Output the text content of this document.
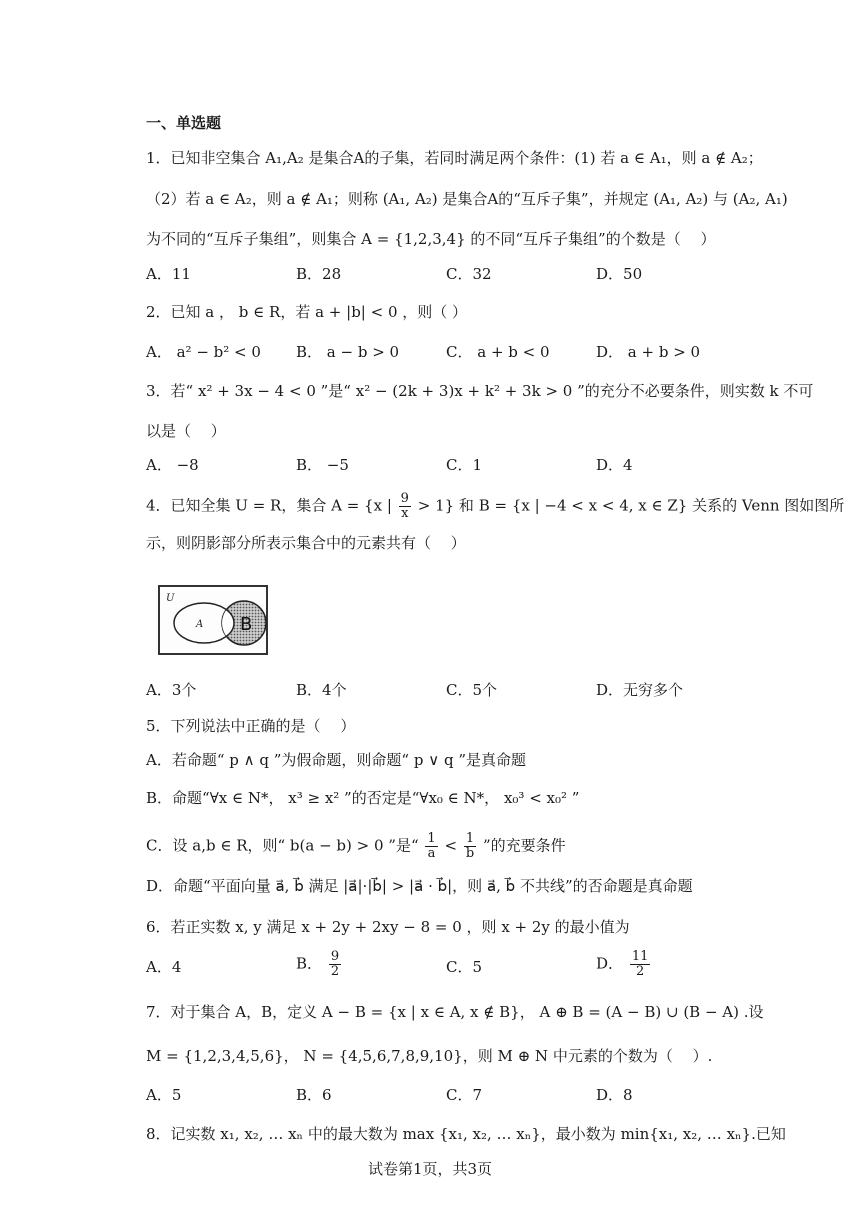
一、单选题
1．已知非空集合 A₁,A₂ 是集合A的子集，若同时满足两个条件：(1) 若 a ∈ A₁，则 a ∉ A₂；
（2）若 a ∈ A₂，则 a ∉ A₁；则称 (A₁, A₂) 是集合A的“互斥子集”，并规定 (A₁, A₂) 与 (A₂, A₁)
为不同的“互斥子集组”，则集合 A = {1,2,3,4} 的不同“互斥子集组”的个数是（　 ）
A．11	B．28	C．32	D．50
2．已知 a ， b ∈ R，若 a + |b| < 0 ，则（ ）
A． a² − b² < 0 B． a − b > 0	C． a + b < 0	D． a + b > 0
3．若“ x² + 3x − 4 < 0 ”是“ x² − (2k + 3)x + k² + 3k > 0 ”的充分不必要条件，则实数 k 不可
以是（　 ）
A． −8	B． −5	C．1	D．4
4．已知全集 U = R，集合 A = {x | $\frac{9}{x} > 1$} 和 B = {x | −4 < x < 4, x ∈ Z} 关系的 Venn 图如图所
示，则阴影部分所表示集合中的元素共有（　 ）
U
A B
A．3个	B．4个	C．5个	D．无穷多个
5．下列说法中正确的是（　 ）
A．若命题“ p ∧ q ”为假命题，则命题“ p ∨ q ”是真命题
B．命题“∀x ∈ N*， x³ ≥ x² ”的否定是“∀x₀ ∈ N*， x₀³ < x₀² ”
C．设 a,b ∈ R，则“ b(a − b) > 0 ”是“ $\frac{1}{a} < \frac{1}{b}$ ”的充要条件
D．命题“平面向量 a⃗, b⃗ 满足 |a⃗|·|b⃗| > |a⃗ · b⃗|，则 a⃗, b⃗ 不共线”的否命题是真命题
6．若正实数 x, y 满足 x + 2y + 2xy − 8 = 0 ，则 x + 2y 的最小值为
A．4	B． $\frac{9}{2}$	C．5	D． $\frac{11}{2}$
7．对于集合 A，B，定义 A − B = {x | x ∈ A, x ∉ B}， A ⊕ B = (A − B) ∪ (B − A) .设
M = {1,2,3,4,5,6}， N = {4,5,6,7,8,9,10}，则 M ⊕ N 中元素的个数为（　 ）.
A．5	B．6	C．7	D．8
8．记实数 x₁, x₂, … xₙ 中的最大数为 max {x₁, x₂, … xₙ}，最小数为 min{x₁, x₂, … xₙ}.已知
试卷第1页，共3页
